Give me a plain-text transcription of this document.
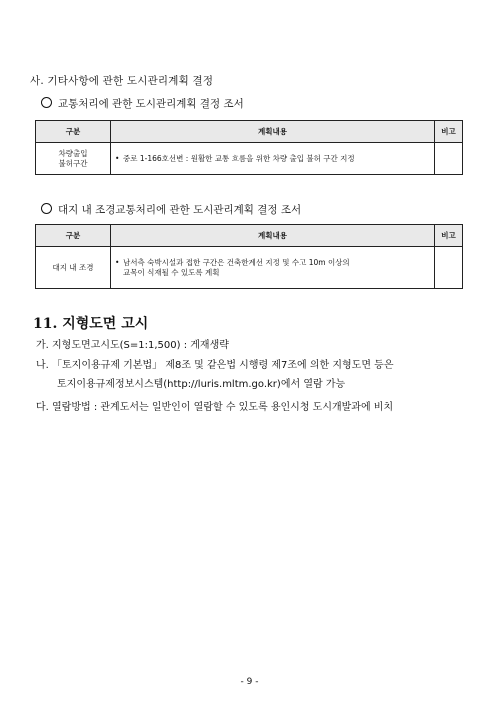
사. 기타사항에 관한 도시관리계획 결정
교통처리에 관한 도시관리계획 결정 조서
구분	계획내용	비고

차량출입
불허구간	• 중로 1-166호선변 : 원활한 교통 흐름을 위한 차량 출입 불허 구간 지정	

대지 내 조경교통처리에 관한 도시관리계획 결정 조서
구분	계획내용	비고
대지 내 조경	• 남서측 숙박시설과 접한 구간은 건축한계선 지정 및 수고 10m 이상의
교목이 식재될 수 있도록 계획	

11. 지형도면 고시
가. 지형도면고시도(S=1:1,500) : 게재생략
나. 「토지이용규제 기본법」 제8조 및 같은법 시행령 제7조에 의한 지형도면 등은
토지이용규제정보시스템(http://luris.mltm.go.kr)에서 열람 가능
다. 열람방법 : 관계도서는 일반인이 열람할 수 있도록 용인시청 도시개발과에 비치
- 9 -
